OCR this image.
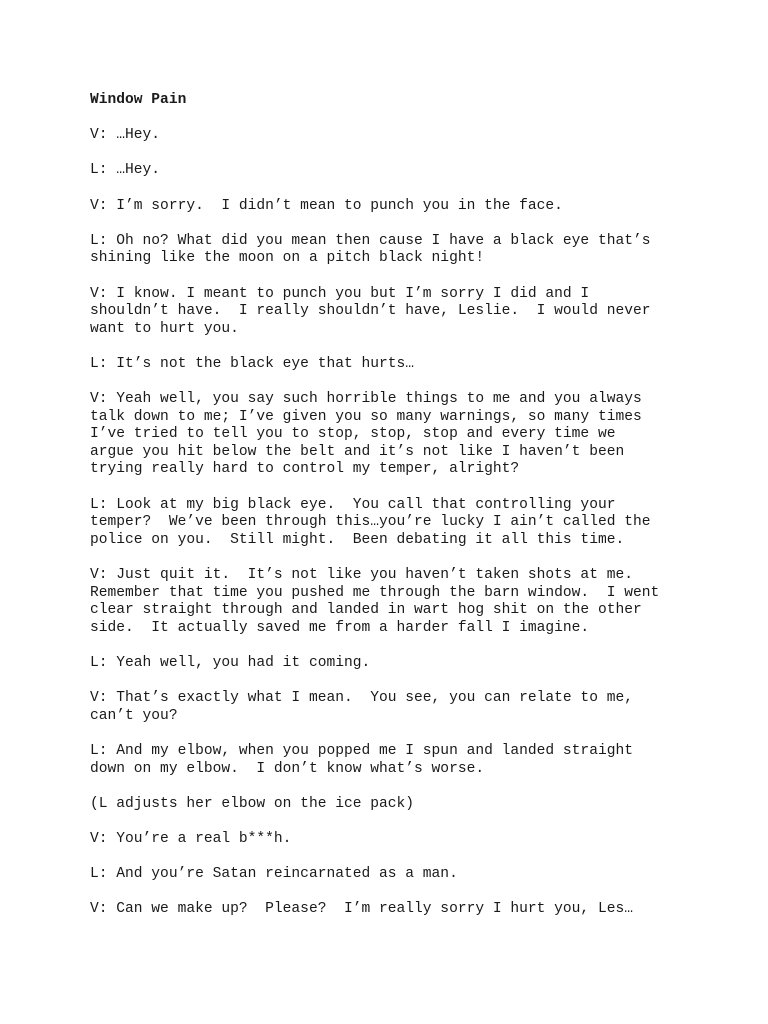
Window Pain

V: …Hey.

L: …Hey.

V: I’m sorry.  I didn’t mean to punch you in the face.

L: Oh no? What did you mean then cause I have a black eye that’s
shining like the moon on a pitch black night!

V: I know. I meant to punch you but I’m sorry I did and I
shouldn’t have.  I really shouldn’t have, Leslie.  I would never
want to hurt you.

L: It’s not the black eye that hurts…

V: Yeah well, you say such horrible things to me and you always
talk down to me; I’ve given you so many warnings, so many times
I’ve tried to tell you to stop, stop, stop and every time we
argue you hit below the belt and it’s not like I haven’t been
trying really hard to control my temper, alright?

L: Look at my big black eye.  You call that controlling your
temper?  We’ve been through this…you’re lucky I ain’t called the
police on you.  Still might.  Been debating it all this time.

V: Just quit it.  It’s not like you haven’t taken shots at me.
Remember that time you pushed me through the barn window.  I went
clear straight through and landed in wart hog shit on the other
side.  It actually saved me from a harder fall I imagine.

L: Yeah well, you had it coming.

V: That’s exactly what I mean.  You see, you can relate to me,
can’t you?

L: And my elbow, when you popped me I spun and landed straight
down on my elbow.  I don’t know what’s worse.

(L adjusts her elbow on the ice pack)

V: You’re a real b***h.

L: And you’re Satan reincarnated as a man.

V: Can we make up?  Please?  I’m really sorry I hurt you, Les…
